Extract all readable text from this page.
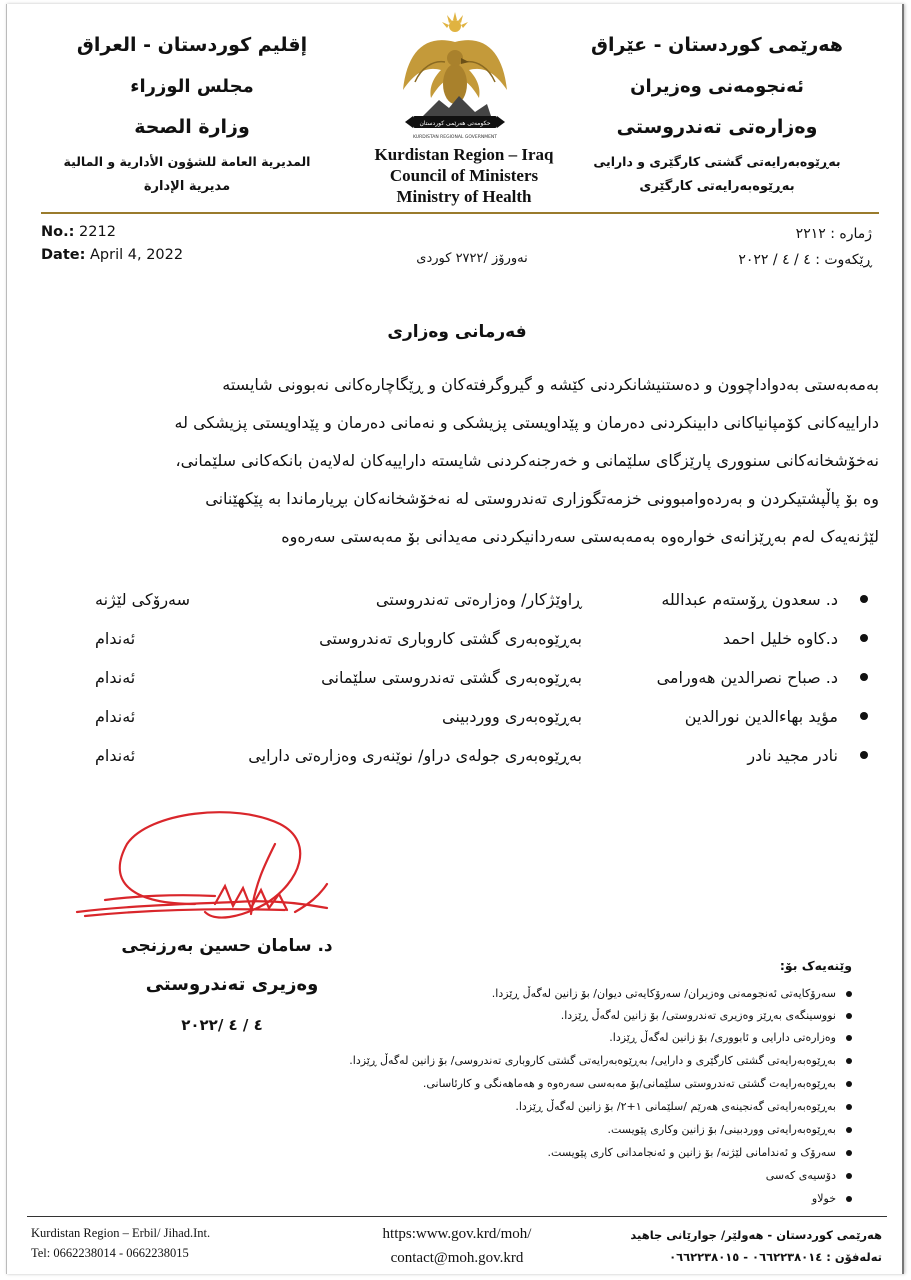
إقليم كوردستان - العراق
مجلس الوزراء
وزارة الصحة
المديرية العامة للشؤون الأدارية و المالية
مديرية الإدارة
حکومەتی هەرێمی کوردستان
KURDISTAN REGIONAL GOVERNMENT
Kurdistan Region – Iraq
Council of Ministers
Ministry of Health
هەرێمی کوردستان - عێراق
ئەنجومەنی وەزیران
وەزارەتی تەندروستی
بەڕێوەبەرایەتی گشتی کارگێری و دارایی
بەڕێوەبەرایەتی کارگێری
No.: 2212
Date: April 4, 2022	نەورۆز /٢٧٢٢ کوردی
ژمارە : ٢٢١٢
ڕێکەوت : ٤ / ٤ / ٢٠٢٢
فەرمانی وەزاری
بەمەبەستی بەدواداچوون و دەستنیشانکردنی کێشە و گیروگرفتەکان و ڕێگاچارەکانی نەبوونی شایستە
داراییەکانی کۆمپانیاکانی دابینکردنی دەرمان و پێداویستی پزیشکی و نەمانی دەرمان و پێداویستی پزیشکی لە
نەخۆشخانەکانی سنووری پارێزگای سلێمانی و خەرجنەکردنی شایستە داراییەکان لەلایەن بانکەکانی سلێمانی،
وە بۆ پاڵپشتیکردن و بەردەوامبوونی خزمەتگوزاری تەندروستی لە نەخۆشخانەکان بڕیارماندا بە پێکهێنانی
لێژنەیەک لەم بەڕێزانەی خوارەوە بەمەبەستی سەردانیکردنی مەیدانی بۆ مەبەستی سەرەوە
د. سعدون ڕۆستەم عبدالله
ڕاوێژکار/ وەزارەتی تەندروستی
سەرۆکی لێژنە
د.کاوە خلیل احمد
بەڕێوەبەری گشتی کاروباری تەندروستی
ئەندام
د. صباح نصرالدین هەورامی
بەڕێوەبەری گشتی تەندروستی سلێمانی
ئەندام
مؤید بهاءالدین نورالدین
بەڕێوەبەری ووردبینی
ئەندام
نادر مجید نادر
بەڕێوەبەری جولەی دراو/ نوێنەری وەزارەتی دارایی
ئەندام
د. سامان حسین بەرزنجی
وەزیری تەندروستی
٤ / ٤ /٢٠٢٢
وێنەیەک بۆ:
سەرۆکایەتی ئەنجومەنی وەزیران/ سەرۆکایەتی دیوان/ بۆ زانین لەگەڵ ڕێزدا.
نووسینگەی بەڕێز وەزیری تەندروستی/ بۆ زانین لەگەڵ ڕێزدا.
وەزارەتی دارایی و ئابووری/ بۆ زانین لەگەڵ ڕێزدا.
بەڕێوەبەرایەتی گشتی کارگێری و دارایی/ بەڕێوەبەرایەتی گشتی کاروباری تەندروسی/ بۆ زانین لەگەڵ ڕێزدا.
بەڕێوەبەرایەت گشتی تەندروستی سلێمانی/بۆ مەبەسی سەرەوە و هەماهەنگی و کارئاسانی.
بەڕێوەبەرایەتی گەنجینەی هەرێم /سلێمانی ١+٢/ بۆ زانین لەگەڵ ڕێزدا.
بەڕێوەبەرایەتی ووردبینی/ بۆ زانین وکاری پێویست.
سەرۆک و ئەندامانی لێژنە/ بۆ زانین و ئەنجامدانی کاری پێویست.
دۆسیەی کەسی
خولاو
Kurdistan Region – Erbil/ Jihad.Int.
Tel: 0662238014 - 0662238015
https:www.gov.krd/moh/
contact@moh.gov.krd
هەرێمی کوردستان - هەولێر/ جوارێانی جاهید
تەلەفۆن : ٠٦٦٢٢٣٨٠١٤ - ٠٦٦٢٢٣٨٠١٥
